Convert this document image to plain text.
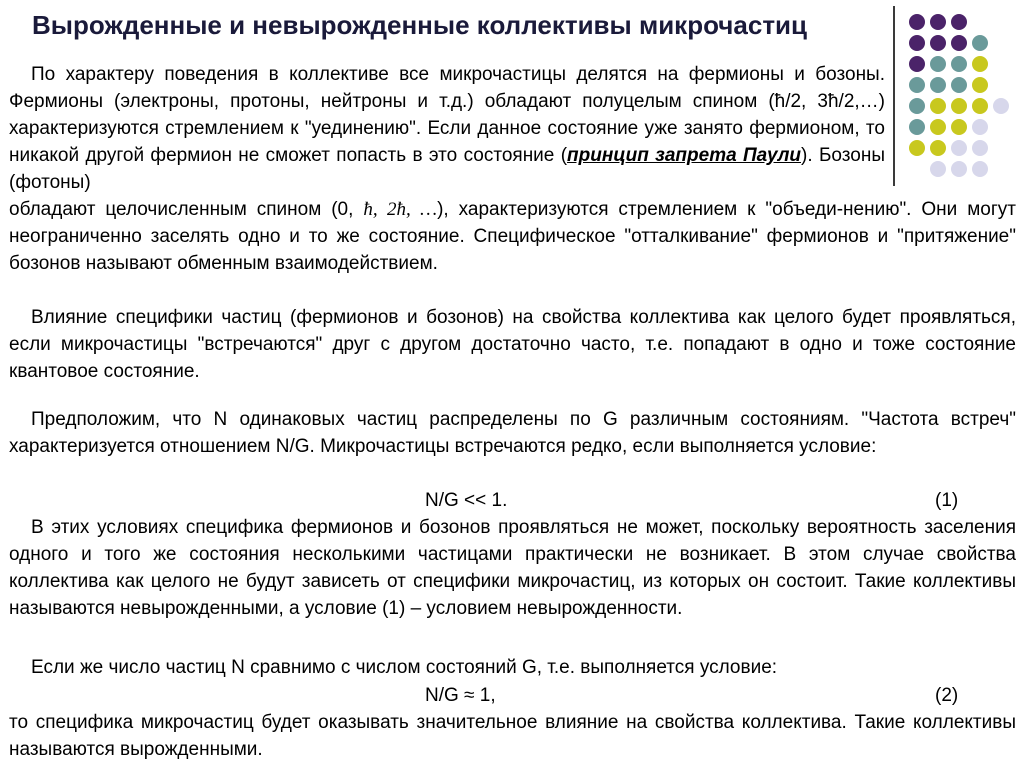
Вырожденные и невырожденные коллективы микрочастиц

По характеру поведения в коллективе все микрочастицы делятся на фермионы и бозоны. Фермионы (электроны, протоны, нейтроны и т.д.) обладают полуцелым спином (ħ/2, 3ħ/2,…) характеризуются стремлением к "уединению". Если данное состояние уже занято фермионом, то никакой другой фермион не сможет попасть в это состояние (принцип запрета Паули). Бозоны (фотоны)

обладают целочисленным спином (0, ħ, 2ħ, …), характеризуются стремлением к "объеди-нению". Они могут неограниченно заселять одно и то же состояние. Специфическое "отталкивание" фермионов и "притяжение" бозонов называют обменным взаимодействием.

Влияние специфики частиц (фермионов и бозонов) на свойства коллектива как целого будет проявляться, если микрочастицы "встречаются" друг с другом достаточно часто, т.е. попадают в одно и тоже состояние квантовое состояние.

Предположим, что N одинаковых частиц распределены по G различным состояниям. "Частота встреч" характеризуется отношением N/G. Микрочастицы встречаются редко, если выполняется условие:

N/G << 1.	(1)

В этих условиях специфика фермионов и бозонов проявляться не может, поскольку вероятность заселения одного и того же состояния несколькими частицами практически не возникает. В этом случае свойства коллектива как целого не будут зависеть от специфики микрочастиц, из которых он состоит. Такие коллективы называются невырожденными, а условие (1) – условием невырожденности.

Если же число частиц N сравнимо с числом состояний G, т.е. выполняется условие:

N/G ≈ 1,	(2)

то специфика микрочастиц будет оказывать значительное влияние на свойства коллектива. Такие коллективы называются вырожденными.
